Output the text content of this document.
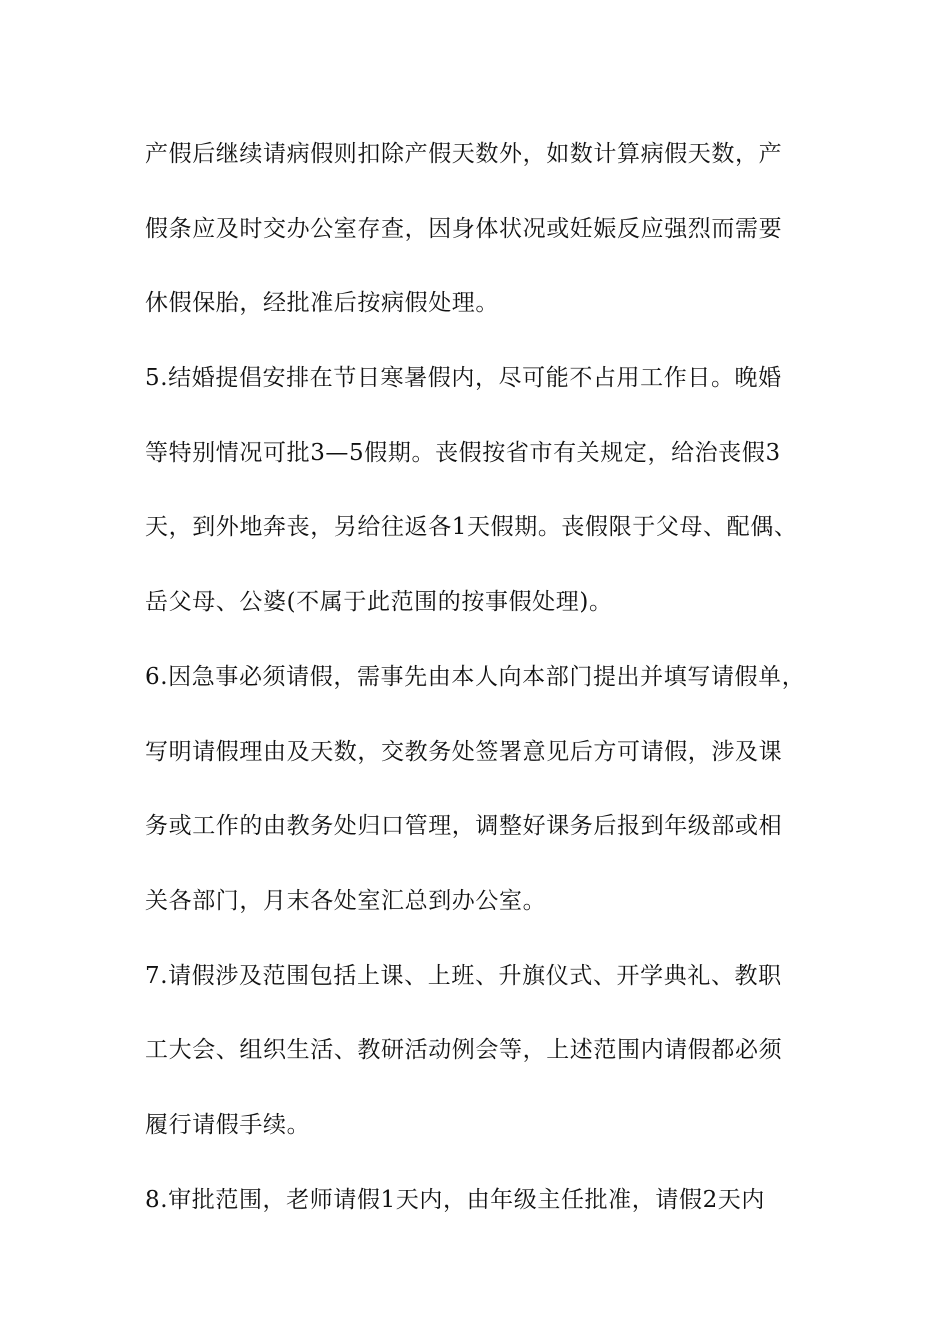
产假后继续请病假则扣除产假天数外，如数计算病假天数，产
假条应及时交办公室存查，因身体状况或妊娠反应强烈而需要
休假保胎，经批准后按病假处理。
5.结婚提倡安排在节日寒暑假内，尽可能不占用工作日。晚婚
等特别情况可批3—5假期。丧假按省市有关规定，给治丧假3
天，到外地奔丧，另给往返各1天假期。丧假限于父母、配偶、
岳父母、公婆(不属于此范围的按事假处理)。
6.因急事必须请假，需事先由本人向本部门提出并填写请假单，
写明请假理由及天数，交教务处签署意见后方可请假，涉及课
务或工作的由教务处归口管理，调整好课务后报到年级部或相
关各部门，月末各处室汇总到办公室。
7.请假涉及范围包括上课、上班、升旗仪式、开学典礼、教职
工大会、组织生活、教研活动例会等，上述范围内请假都必须
履行请假手续。
8.审批范围，老师请假1天内，由年级主任批准，请假2天内
